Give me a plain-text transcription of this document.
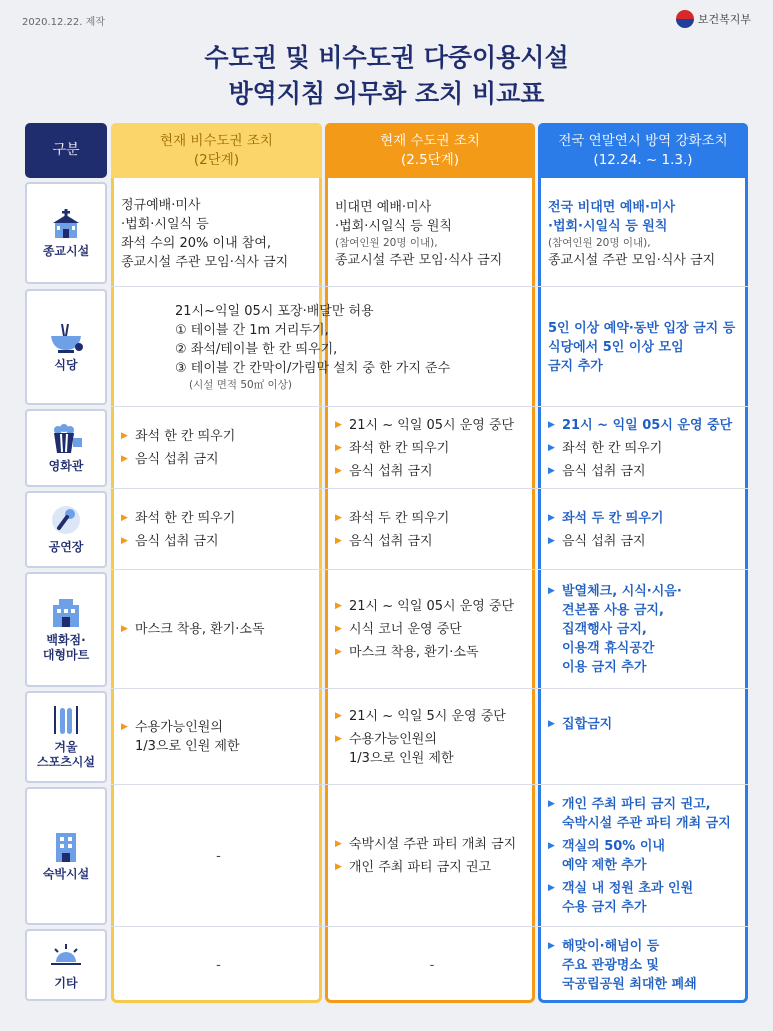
2020.12.22. 제작	보건복지부
수도권 및 비수도권 다중이용시설
방역지침 의무화 조치 비교표
구분
현재 비수도권 조치
(2단계)
현재 수도권 조치
(2.5단계)
전국 연말연시 방역 강화조치
(12.24. ~ 1.3.)
종교시설
정규예배·미사
·법회·시일식 등
좌석 수의 20% 이내 참여,
종교시설 주관 모임·식사 금지
비대면 예배·미사
·법회·시일식 등 원칙
(참여인원 20명 이내),
종교시설 주관 모임·식사 금지
전국 비대면 예배·미사
·법회·시일식 등 원칙
(참여인원 20명 이내),
종교시설 주관 모임·식사 금지
식당
21시~익일 05시 포장·배달만 허용
① 테이블 간 1m 거리두기,
② 좌석/테이블 한 칸 띄우기,
③ 테이블 간 칸막이/가림막 설치 중 한 가지 준수
(시설 면적 50㎡ 이상)
5인 이상 예약·동반 입장 금지 등
식당에서 5인 이상 모임
금지 추가
영화관
▶ 좌석 한 칸 띄우기
▶ 음식 섭취 금지
▶ 21시 ~ 익일 05시 운영 중단
▶ 좌석 한 칸 띄우기
▶ 음식 섭취 금지
▶ 21시 ~ 익일 05시 운영 중단
▶ 좌석 한 칸 띄우기
▶ 음식 섭취 금지
공연장
▶ 좌석 한 칸 띄우기
▶ 음식 섭취 금지
▶ 좌석 두 칸 띄우기
▶ 음식 섭취 금지
▶ 좌석 두 칸 띄우기
▶ 음식 섭취 금지
백화점·
대형마트
▶ 마스크 착용, 환기·소독
▶ 21시 ~ 익일 05시 운영 중단
▶ 시식 코너 운영 중단
▶ 마스크 착용, 환기·소독
▶ 발열체크, 시식·시음·
견본품 사용 금지,
집객행사 금지,
이용객 휴식공간
이용 금지 추가
겨울
스포츠시설
▶ 수용가능인원의
1/3으로 인원 제한
▶ 21시 ~ 익일 5시 운영 중단
▶ 수용가능인원의
1/3으로 인원 제한
▶ 집합금지
숙박시설
-
▶ 숙박시설 주관 파티 개최 금지
▶ 개인 주최 파티 금지 권고
▶ 개인 주최 파티 금지 권고,
숙박시설 주관 파티 개최 금지
▶ 객실의 50% 이내
예약 제한 추가
▶ 객실 내 정원 초과 인원
수용 금지 추가
기타
-	-
▶ 해맞이·해넘이 등
주요 관광명소 및
국공립공원 최대한 폐쇄
